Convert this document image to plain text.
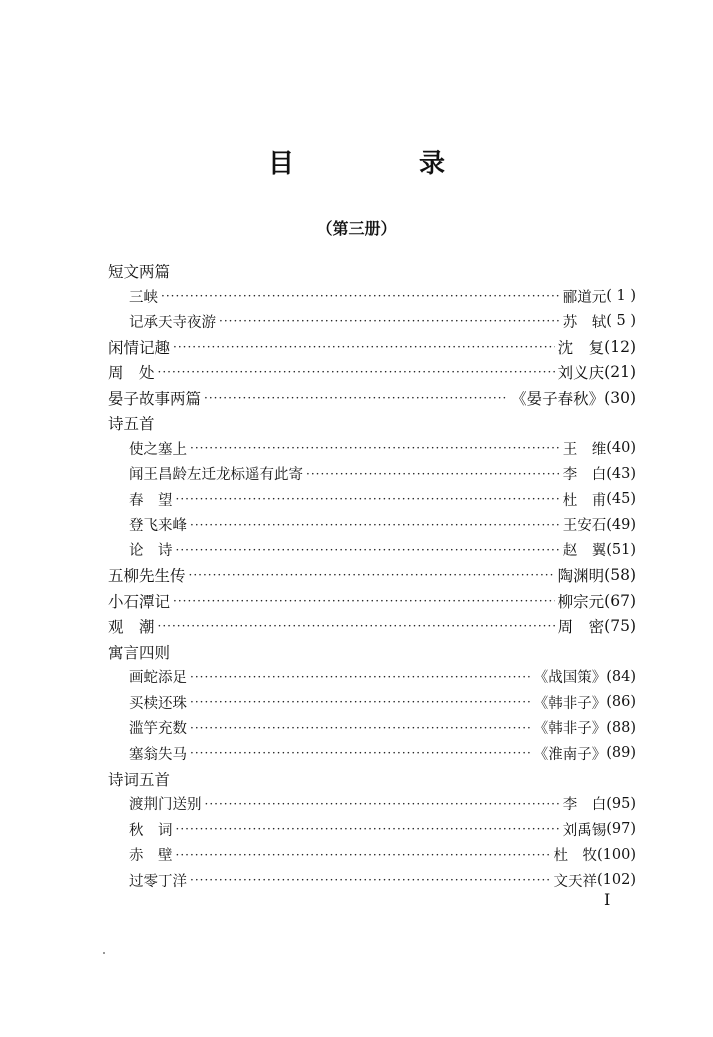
目 录
（第三册）
短文两篇
三峡 ·····	郦道元 ( 1 )
记承天寺夜游 ·····	苏　轼 ( 5 )
闲情记趣 ·····	沈　复 (12)
周　处 ·····	刘义庆 (21)
晏子故事两篇 ·····	《晏子春秋》 (30)
诗五首
使之塞上 ·····	王　维 (40)
闻王昌龄左迁龙标遥有此寄 ·····	李　白 (43)
春　望 ·····	杜　甫 (45)
登飞来峰 ·····	王安石 (49)
论　诗 ·····	赵　翼 (51)
五柳先生传 ·····	陶渊明 (58)
小石潭记 ·····	柳宗元 (67)
观　潮 ·····	周　密 (75)
寓言四则
画蛇添足 ·····	《战国策》 (84)
买椟还珠 ·····	《韩非子》 (86)
滥竽充数 ·····	《韩非子》 (88)
塞翁失马 ·····	《淮南子》 (89)
诗词五首
渡荆门送别 ·····	李　白 (95)
秋　词 ·····	刘禹锡 (97)
赤　壁 ·····	杜　牧 (100)
过零丁洋 ·····	文天祥 (102)
I
